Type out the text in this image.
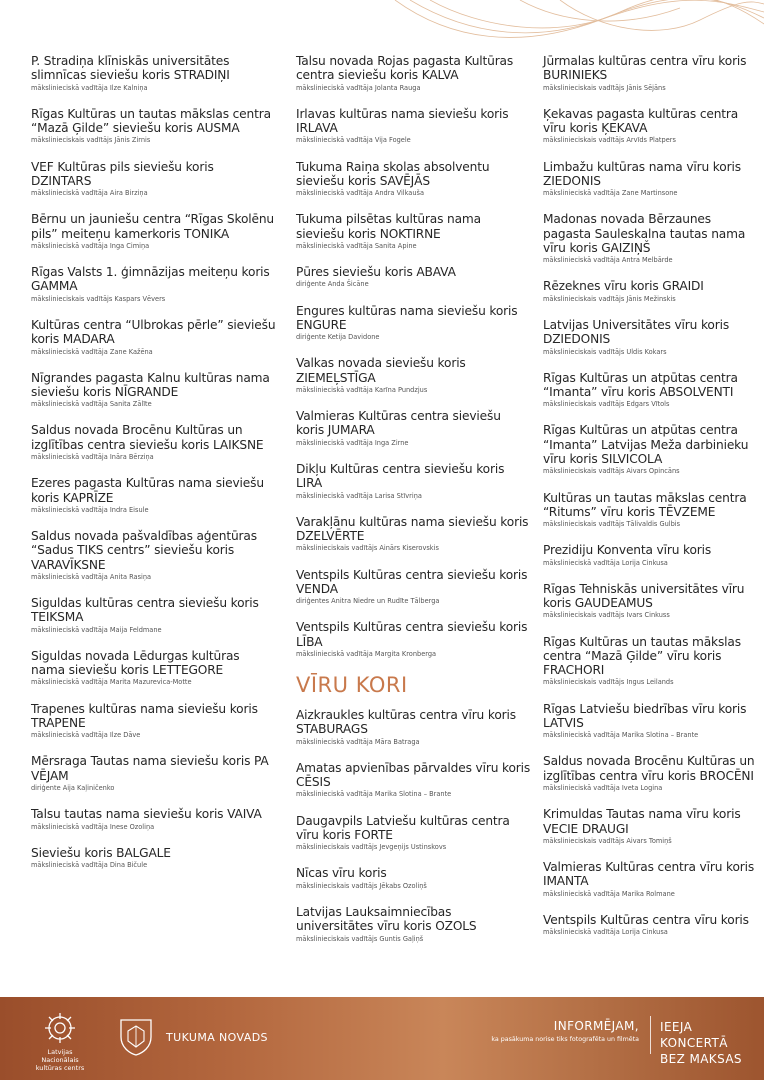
P. Stradiņa klīniskās universitātes slimnīcas sieviešu koris STRADIŅI
mākslinieciskā vadītāja Ilze Kalniņa
Rīgas Kultūras un tautas mākslas centra “Mazā Ģilde” sieviešu koris AUSMA
mākslinieciskais vadītājs Jānis Zirnis
VEF Kultūras pils sieviešu koris DZINTARS
mākslinieciskā vadītāja Aira Birziņa
Bērnu un jauniešu centra “Rīgas Skolēnu pils” meiteņu kamerkoris TONIKA
mākslinieciskā vadītāja Inga Cimiņa
Rīgas Valsts 1. ģimnāzijas meiteņu koris GAMMA
mākslinieciskais vadītājs Kaspars Vēvers
Kultūras centra “Ulbrokas pērle” sieviešu koris MADARA
mākslinieciskā vadītāja Zane Kažēna
Nīgrandes pagasta Kalnu kultūras nama sieviešu koris NĪGRANDE
mākslinieciskā vadītāja Sanita Zālīte
Saldus novada Brocēnu Kultūras un izglītības centra sieviešu koris LAIKSNE
mākslinieciskā vadītāja Ināra Bērziņa
Ezeres pagasta Kultūras nama sieviešu koris KAPRĪZE
mākslinieciskā vadītāja Indra Eisule
Saldus novada pašvaldības aģentūras “Sadus TIKS centrs” sieviešu koris VARAVĪKSNE
mākslinieciskā vadītāja Anita Rasiņa
Siguldas kultūras centra sieviešu koris TEIKSMA
mākslinieciskā vadītāja Maija Feldmane
Siguldas novada Lēdurgas kultūras nama sieviešu koris LETTEGORE
mākslinieciskā vadītāja Marita Mazurevica-Motte
Trapenes kultūras nama sieviešu koris TRAPENE
mākslinieciskā vadītāja Ilze Dāve
Mērsraga Tautas nama sieviešu koris PA VĒJAM
diriģente Aija Kaļiničenko
Talsu tautas nama sieviešu koris VAIVA
mākslinieciskā vadītāja Inese Ozoliņa
Sieviešu koris BALGALE
mākslinieciskā vadītāja Dina Bičule
Talsu novada Rojas pagasta Kultūras centra sieviešu koris KALVA
mākslinieciskā vadītāja Jolanta Rauga
Irlavas kultūras nama sieviešu koris IRLAVA
mākslinieciskā vadītāja Vija Fogele
Tukuma Raiņa skolas absolventu sieviešu koris SAVĒJĀS
mākslinieciskā vadītāja Andra Vilkauša
Tukuma pilsētas kultūras nama sieviešu koris NOKTIRNE
mākslinieciskā vadītāja Sanita Apine
Pūres sieviešu koris ABAVA
diriģente Anda Šicāne
Engures kultūras nama sieviešu koris ENGURE
diriģente Ketija Davidone
Valkas novada sieviešu koris ZIEMEĻSTĪGA
mākslinieciskā vadītāja Karīna Pundzjus
Valmieras Kultūras centra sieviešu koris JUMARA
mākslinieciskā vadītāja Inga Zirne
Dikļu Kultūras centra sieviešu koris LIRA
mākslinieciskā vadītāja Larisa Stīvriņa
Varakļānu kultūras nama sieviešu koris DZELVĒRTE
mākslinieciskais vadītājs Ainārs Kiserovskis
Ventspils Kultūras centra sieviešu koris VENDA
diriģentes Anitra Niedre un Rudīte Tālberga
Ventspils Kultūras centra sieviešu koris LĪBA
mākslinieciskā vadītāja Margita Kronberga
VĪRU KORI
Aizkraukles kultūras centra vīru koris STABURAGS
mākslinieciskā vadītāja Māra Batraga
Amatas apvienības pārvaldes vīru koris CĒSIS
mākslinieciskā vadītāja Marika Slotina – Brante
Daugavpils Latviešu kultūras centra vīru koris FORTE
mākslinieciskais vadītājs Jevgeņijs Ustinskovs
Nīcas vīru koris
mākslinieciskais vadītājs Jēkabs Ozoliņš
Latvijas Lauksaimniecības universitātes vīru koris OZOLS
mākslinieciskais vadītājs Guntis Gaļiņš
Jūrmalas kultūras centra vīru koris BURINIEKS
mākslinieciskais vadītājs Jānis Sējāns
Ķekavas pagasta kultūras centra vīru koris ĶEKAVA
mākslinieciskais vadītājs Arvīds Platpers
Limbažu kultūras nama vīru koris ZIEDONIS
mākslinieciskā vadītāja Zane Martinsone
Madonas novada Bērzaunes pagasta Sauleskalna tautas nama vīru koris GAIZIŅŠ
mākslinieciskā vadītāja Antra Melbārde
Rēzeknes vīru koris GRAIDI
mākslinieciskais vadītājs Jānis Mežinskis
Latvijas Universitātes vīru koris DZIEDONIS
mākslinieciskais vadītājs Uldis Kokars
Rīgas Kultūras un atpūtas centra “Imanta” vīru koris ABSOLVENTI
mākslinieciskais vadītājs Edgars Vītols
Rīgas Kultūras un atpūtas centra “Imanta” Latvijas Meža darbinieku vīru koris SILVICOLA
mākslinieciskais vadītājs Aivars Opincāns
Kultūras un tautas mākslas centra “Ritums” vīru koris TĒVZEME
mākslinieciskais vadītājs Tālivaldis Gulbis
Prezidiju Konventa vīru koris
mākslinieciskā vadītāja Lorija Cinkusa
Rīgas Tehniskās universitātes vīru koris GAUDEAMUS
mākslinieciskais vadītājs Ivars Cinkuss
Rīgas Kultūras un tautas mākslas centra “Mazā Ģilde” vīru koris FRACHORI
mākslinieciskais vadītājs Ingus Leilands
Rīgas Latviešu biedrības vīru koris LATVIS
mākslinieciskā vadītāja Marika Slotina – Brante
Saldus novada Brocēnu Kultūras un izglītības centra vīru koris BROCĒNI
mākslinieciskā vadītāja Iveta Logina
Krimuldas Tautas nama vīru koris VECIE DRAUGI
mākslinieciskais vadītājs Aivars Tomiņš
Valmieras Kultūras centra vīru koris IMANTA
mākslinieciskā vadītāja Marika Rolmane
Ventspils Kultūras centra vīru koris
mākslinieciskā vadītāja Lorija Cinkusa
Latvijas Nacionālais
kultūras centrs
TUKUMA NOVADS
INFORMĒJAM,
ka pasākuma norise tiks fotografēta un filmēta
IEEJA KONCERTĀ
BEZ MAKSAS
